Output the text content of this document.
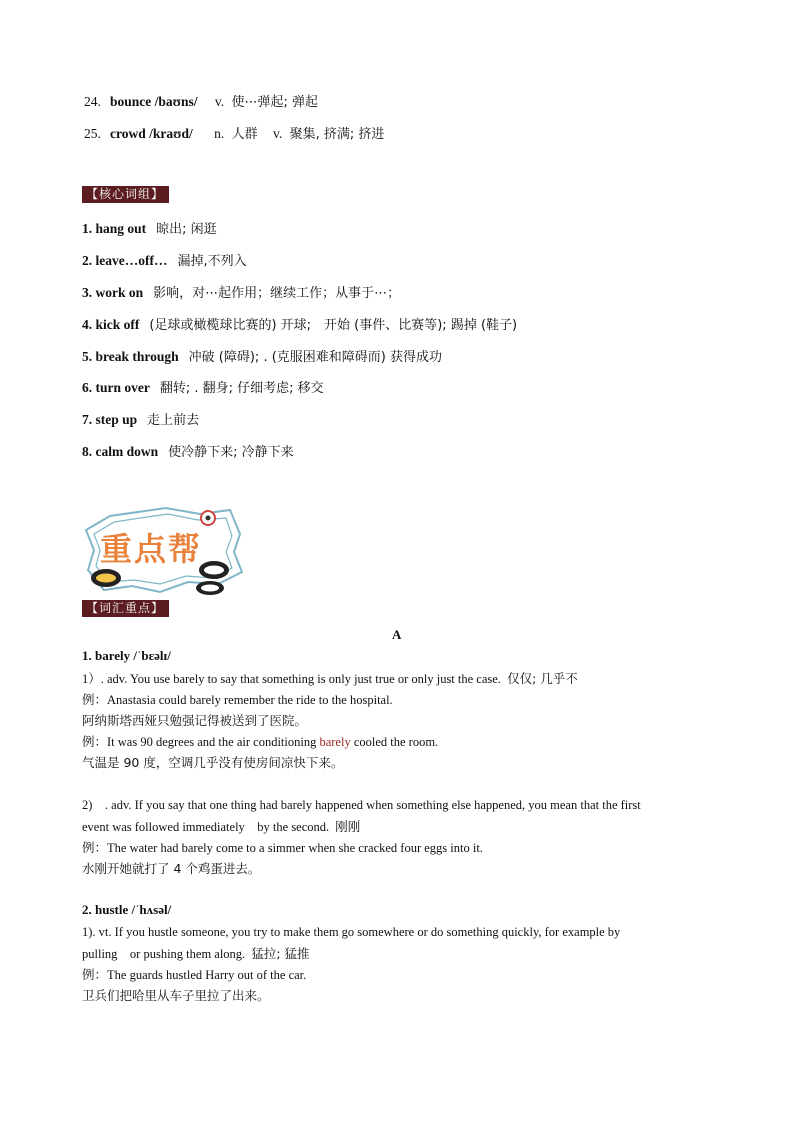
24. bounce /baʊns/ v. 使⋯弹起; 弹起
25. crowd /kraʊd/ n. 人群 v. 聚集, 挤满; 挤进
【核心词组】
1. hang out 晾出; 闲逛
2. leave…off… 漏掉,不列入
3. work on 影响，对⋯起作用；继续工作；从事于⋯；
4. kick off (足球或橄榄球比赛的) 开球;　开始 (事件、比赛等); 踢掉 (鞋子)
5. break through 冲破 (障碍); . (克服困难和障碍而) 获得成功
6. turn over 翻转; . 翻身; 仔细考虑; 移交
7. step up 走上前去
8. calm down 使冷静下来; 冷静下来
重点帮
【词汇重点】
A
1. barely /ˈbɛəlɪ/
1）. adv. You use barely to say that something is only just true or only just the case. 仅仅; 几乎不
例：Anastasia could barely remember the ride to the hospital.
阿纳斯塔西娅只勉强记得被送到了医院。
例：It was 90 degrees and the air conditioning barely cooled the room.
气温是 90 度，空调几乎没有使房间凉快下来。
2)　. adv. If you say that one thing had barely happened when something else happened, you mean that the first
event was followed immediately　by the second. 刚刚
例：The water had barely come to a simmer when she cracked four eggs into it.
水刚开她就打了 4 个鸡蛋进去。
2. hustle /ˈhʌsəl/
1). vt. If you hustle someone, you try to make them go somewhere or do something quickly, for example by
pulling　or pushing them along. 猛拉; 猛推
例：The guards hustled Harry out of the car.
卫兵们把哈里从车子里拉了出来。
